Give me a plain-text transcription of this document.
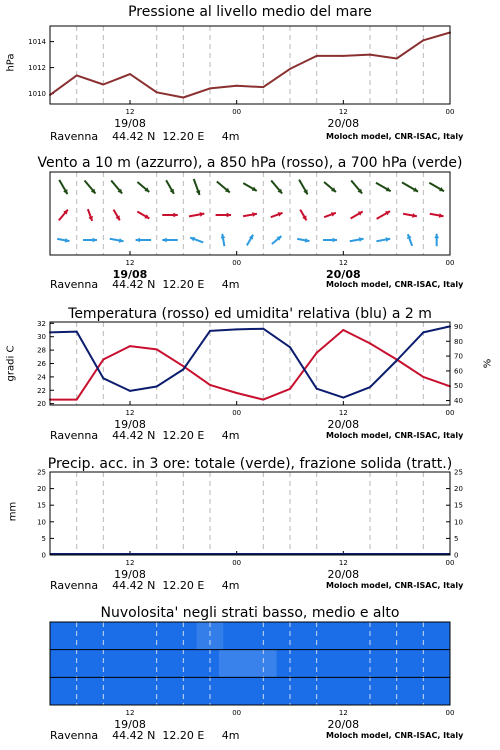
Pressione al livello medio del mare
hPa
12	00	12	00
19/08	20/08
1010
1012
1014
Ravenna 44.42 N 12.20 E 4m	Moloch model, CNR-ISAC, Italy
Vento a 10 m (azzurro), a 850 hPa (rosso), a 700 hPa (verde)
12	00	12	00
19/08	20/08
Ravenna 44.42 N 12.20 E 4m	Moloch model, CNR-ISAC, Italy
Temperatura (rosso) ed umidita' relativa (blu) a 2 m
gradi C	%
12	00	12	00
19/08	20/08
20
22
24
26
28
30
32
40
50
60
70
80
90
Ravenna 44.42 N 12.20 E 4m	Moloch model, CNR-ISAC, Italy
Precip. acc. in 3 ore: totale (verde), frazione solida (tratt.)
mm
12	00	12	00
19/08	20/08
0
5
10
15
20
25
0
5
10
15
20
25
Ravenna 44.42 N 12.20 E 4m	Moloch model, CNR-ISAC, Italy
Nuvolosita' negli strati basso, medio e alto
12	00	12	00
19/08	20/08
Ravenna 44.42 N 12.20 E 4m	Moloch model, CNR-ISAC, Italy
